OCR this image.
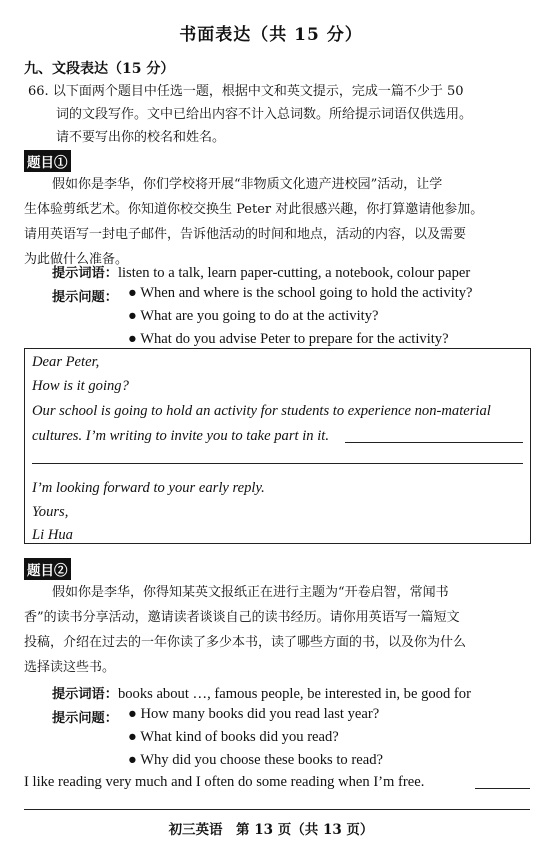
书面表达（共 15 分）
九、文段表达（15 分）
66. 以下面两个题目中任选一题，根据中文和英文提示，完成一篇不少于 50
词的文段写作。文中已给出内容不计入总词数。所给提示词语仅供选用。
请不要写出你的校名和姓名。
题目①
假如你是李华，你们学校将开展“非物质文化遗产进校园”活动，让学
生体验剪纸艺术。你知道你校交换生 Peter 对此很感兴趣，你打算邀请他参加。
请用英语写一封电子邮件，告诉他活动的时间和地点，活动的内容，以及需要
为此做什么准备。
提示词语：listen to a talk, learn paper-cutting, a notebook, colour paper
提示问题： ● When and where is the school going to hold the activity?
● What are you going to do at the activity?
● What do you advise Peter to prepare for the activity?
Dear Peter,
How is it going?
Our school is going to hold an activity for students to experience non-material
cultures. I’m writing to invite you to take part in it.
I’m looking forward to your early reply.
Yours,
Li Hua
题目②
假如你是李华，你得知某英文报纸正在进行主题为“开卷启智，常闻书
香”的读书分享活动，邀请读者谈谈自己的读书经历。请你用英语写一篇短文
投稿，介绍在过去的一年你读了多少本书，读了哪些方面的书，以及你为什么
选择读这些书。
提示词语：books about …, famous people, be interested in, be good for
提示问题： ● How many books did you read last year?
● What kind of books did you read?
● Why did you choose these books to read?
I like reading very much and I often do some reading when I’m free.
初三英语　第 13 页（共 13 页）
